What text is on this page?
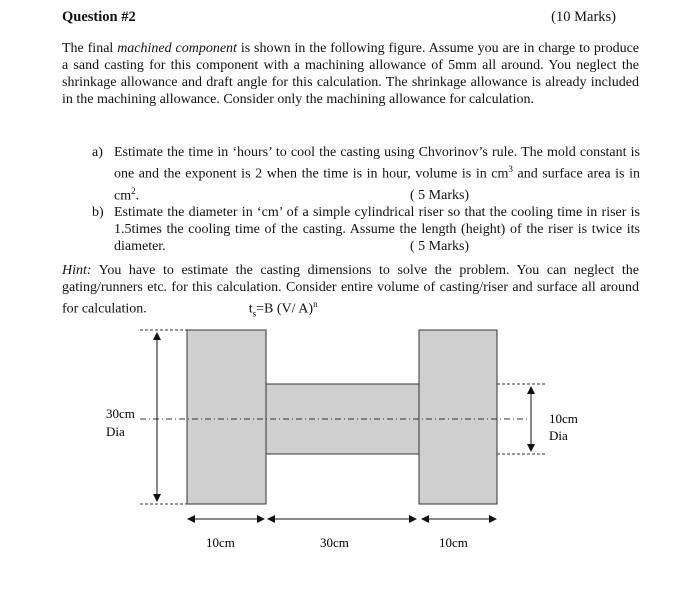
Question #2	(10 Marks)
The final machined component is shown in the following figure. Assume you are in charge to produce a sand casting for this component with a machining allowance of 5mm all around. You neglect the shrinkage allowance and draft angle for this calculation. The shrinkage allowance is already included in the machining allowance. Consider only the machining allowance for calculation.
a) Estimate the time in ‘hours’ to cool the casting using Chvorinov’s rule. The mold constant is one and the exponent is 2 when the time is in hour, volume is in $cm^3$ and surface area is in $cm^2$.	( 5 Marks)
b) Estimate the diameter in ‘cm’ of a simple cylindrical riser so that the cooling time in riser is 1.5times the cooling time of the casting. Assume the length (height) of the riser is twice its diameter.	( 5 Marks)
Hint: You have to estimate the casting dimensions to solve the problem. You can neglect the gating/runners etc. for this calculation. Consider entire volume of casting/riser and surface all around for calculation.	$t_s=B$ (V/ A)$^n$
30cm
Dia
10cm
Dia
10cm	30cm	10cm
